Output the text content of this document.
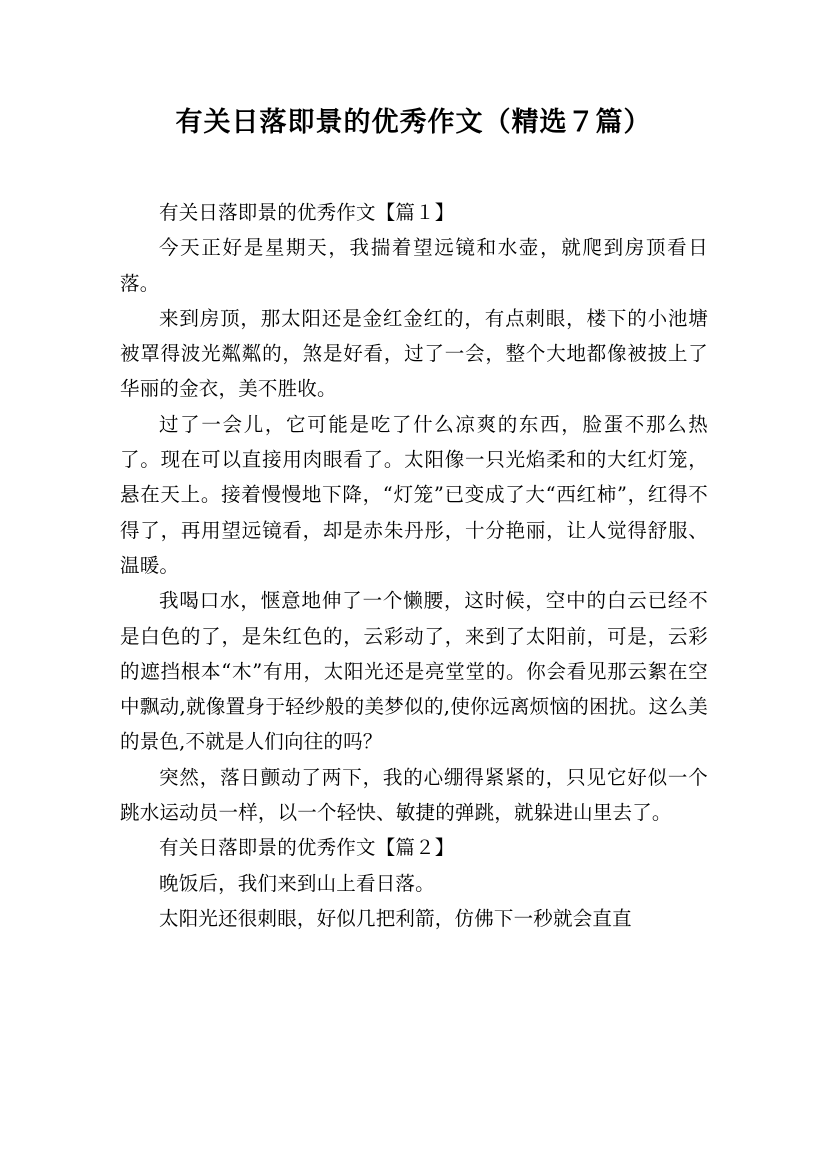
有关日落即景的优秀作文（精选７篇）

有关日落即景的优秀作文【篇１】

今天正好是星期天，我揣着望远镜和水壶，就爬到房顶看日落。

来到房顶，那太阳还是金红金红的，有点刺眼，楼下的小池塘被罩得波光粼粼的，煞是好看，过了一会，整个大地都像被披上了华丽的金衣，美不胜收。

过了一会儿，它可能是吃了什么凉爽的东西，脸蛋不那么热了。现在可以直接用肉眼看了。太阳像一只光焰柔和的大红灯笼，悬在天上。接着慢慢地下降，“灯笼”已变成了大“西红柿”，红得不得了，再用望远镜看，却是赤朱丹彤，十分艳丽，让人觉得舒服、温暖。

我喝口水，惬意地伸了一个懒腰，这时候，空中的白云已经不是白色的了，是朱红色的，云彩动了，来到了太阳前，可是，云彩的遮挡根本“木”有用，太阳光还是亮堂堂的。你会看见那云絮在空中飘动,就像置身于轻纱般的美梦似的,使你远离烦恼的困扰。这么美的景色,不就是人们向往的吗？

突然，落日颤动了两下，我的心绷得紧紧的，只见它好似一个跳水运动员一样，以一个轻快、敏捷的弹跳，就躲进山里去了。

有关日落即景的优秀作文【篇２】

晚饭后，我们来到山上看日落。

太阳光还很刺眼，好似几把利箭，仿佛下一秒就会直直
